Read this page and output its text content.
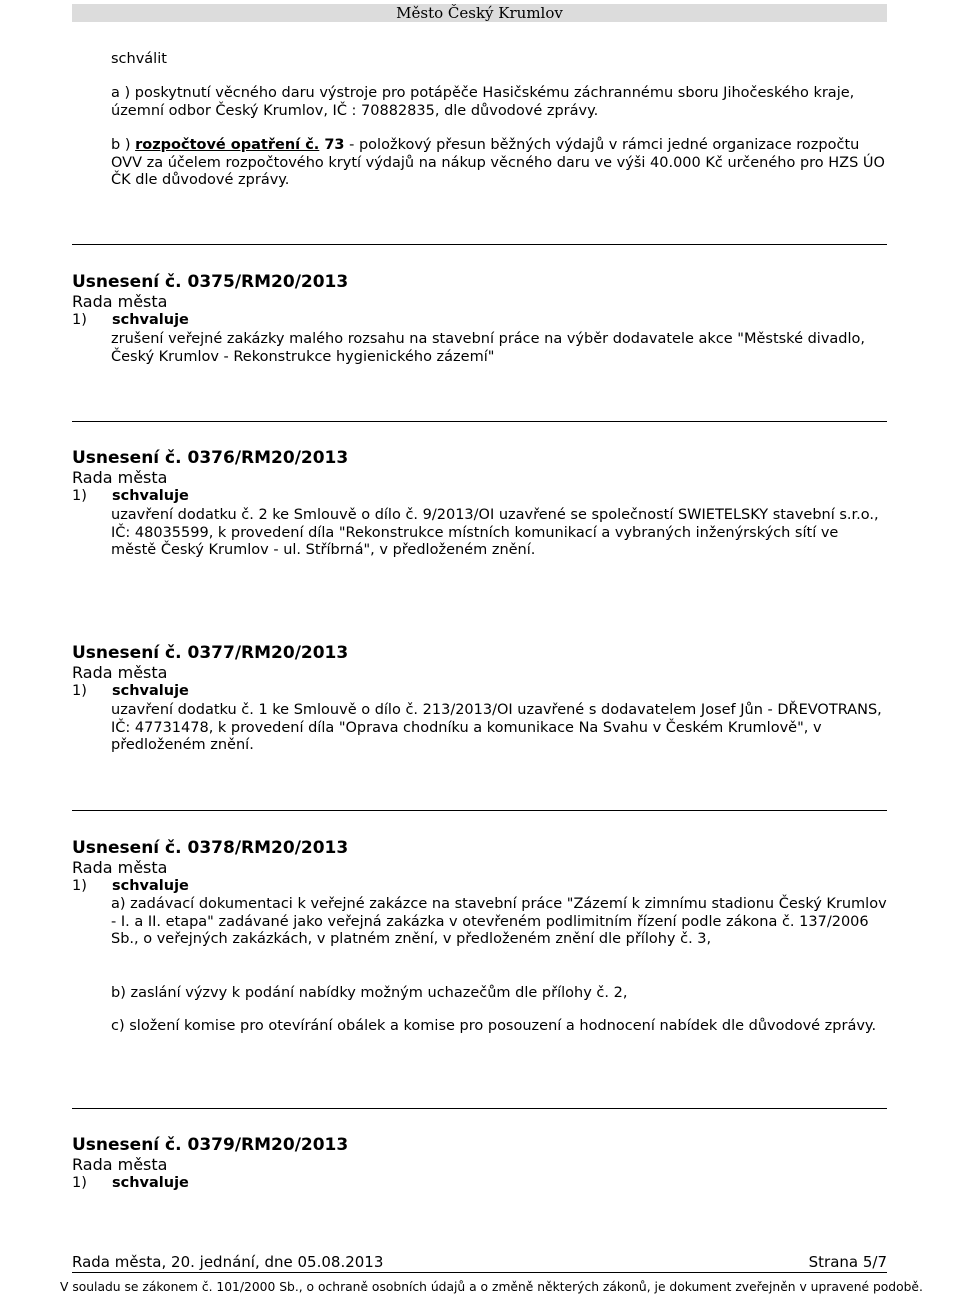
Město Český Krumlov
schválit
a ) poskytnutí věcného daru výstroje pro potápěče Hasičskému záchrannému sboru Jihočeského kraje, územní odbor Český Krumlov, IČ : 70882835, dle důvodové zprávy.
b ) rozpočtové opatření č. 73 - položkový přesun běžných výdajů v rámci jedné organizace rozpočtu OVV za účelem rozpočtového krytí výdajů na nákup věcného daru ve výši 40.000 Kč určeného pro HZS ÚO ČK dle důvodové zprávy.
Usnesení č. 0375/RM20/2013
Rada města
1) schvaluje
zrušení veřejné zakázky malého rozsahu na stavební práce na výběr dodavatele akce "Městské divadlo, Český Krumlov - Rekonstrukce hygienického zázemí"
Usnesení č. 0376/RM20/2013
Rada města
1) schvaluje
uzavření dodatku č. 2 ke Smlouvě o dílo č. 9/2013/OI uzavřené se společností SWIETELSKY stavební s.r.o., IČ: 48035599, k provedení díla "Rekonstrukce místních komunikací a vybraných inženýrských sítí ve městě Český Krumlov - ul. Stříbrná", v předloženém znění.
Usnesení č. 0377/RM20/2013
Rada města
1) schvaluje
uzavření dodatku č. 1 ke Smlouvě o dílo č. 213/2013/OI uzavřené s dodavatelem Josef Jůn - DŘEVOTRANS, IČ: 47731478, k provedení díla "Oprava chodníku a komunikace Na Svahu v Českém Krumlově", v předloženém znění.
Usnesení č. 0378/RM20/2013
Rada města
1) schvaluje
a) zadávací dokumentaci k veřejné zakázce na stavební práce "Zázemí k zimnímu stadionu Český Krumlov - I. a II. etapa" zadávané jako veřejná zakázka v otevřeném podlimitním řízení podle zákona č. 137/2006 Sb., o veřejných zakázkách, v platném znění, v předloženém znění dle přílohy č. 3,
b) zaslání výzvy k podání nabídky možným uchazečům dle přílohy č. 2,
c) složení komise pro otevírání obálek a komise pro posouzení a hodnocení nabídek dle důvodové zprávy.
Usnesení č. 0379/RM20/2013
Rada města
1) schvaluje
Rada města, 20. jednání, dne 05.08.2013	Strana 5/7
V souladu se zákonem č. 101/2000 Sb., o ochraně osobních údajů a o změně některých zákonů, je dokument zveřejněn v upravené podobě.
